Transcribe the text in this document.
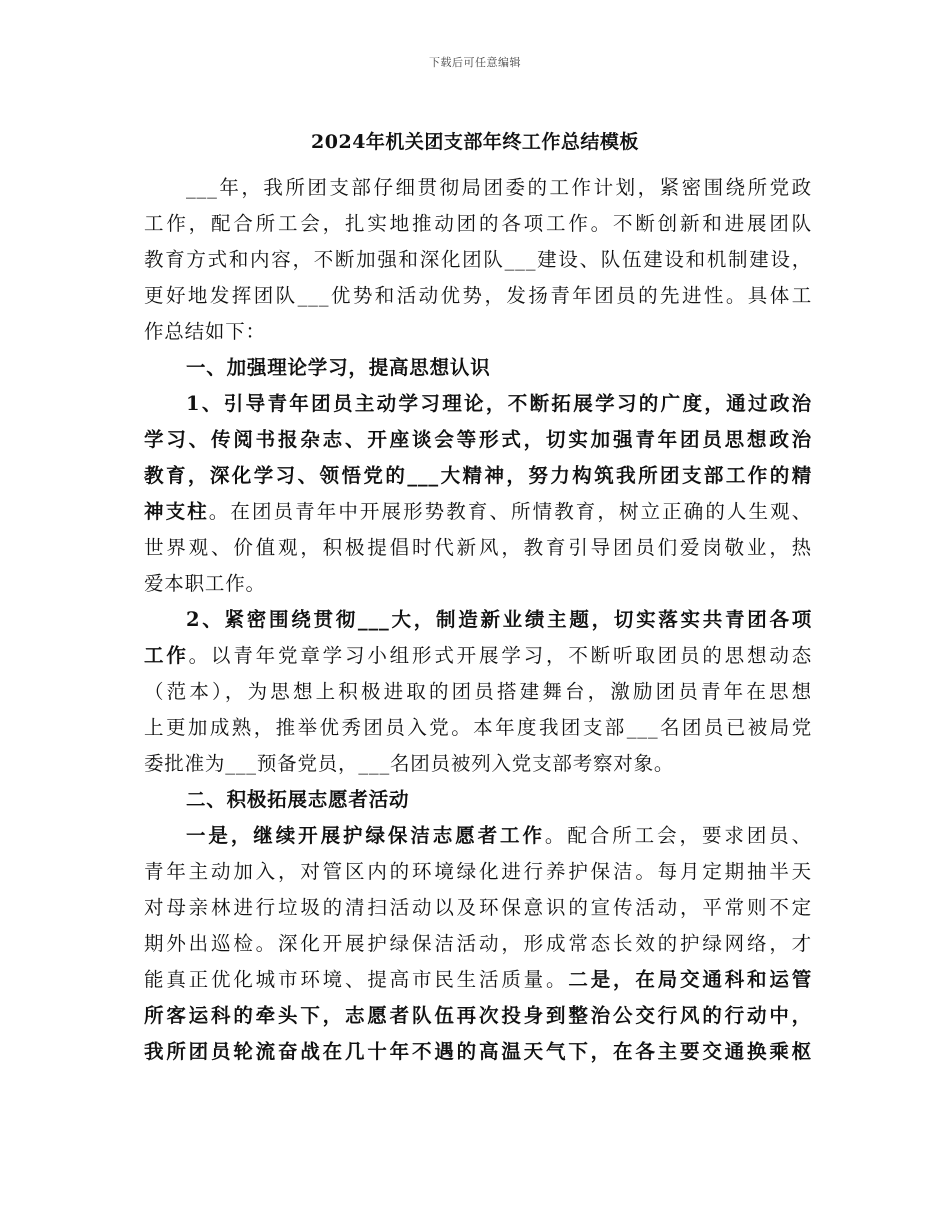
下载后可任意编辑
2024年机关团支部年终工作总结模板
___年，我所团支部仔细贯彻局团委的工作计划，紧密围绕所党政
工作，配合所工会，扎实地推动团的各项工作。不断创新和进展团队
教育方式和内容，不断加强和深化团队___建设、队伍建设和机制建设，
更好地发挥团队___优势和活动优势，发扬青年团员的先进性。具体工
作总结如下：
一、加强理论学习，提高思想认识
1、引导青年团员主动学习理论，不断拓展学习的广度，通过政治
学习、传阅书报杂志、开座谈会等形式，切实加强青年团员思想政治
教育，深化学习、领悟党的___大精神，努力构筑我所团支部工作的精
神支柱。在团员青年中开展形势教育、所情教育，树立正确的人生观、
世界观、价值观，积极提倡时代新风，教育引导团员们爱岗敬业，热
爱本职工作。
2、紧密围绕贯彻___大，制造新业绩主题，切实落实共青团各项
工作。以青年党章学习小组形式开展学习，不断听取团员的思想动态
（范本），为思想上积极进取的团员搭建舞台，激励团员青年在思想
上更加成熟，推举优秀团员入党。本年度我团支部___名团员已被局党
委批准为___预备党员，___名团员被列入党支部考察对象。
二、积极拓展志愿者活动
一是，继续开展护绿保洁志愿者工作。配合所工会，要求团员、
青年主动加入，对管区内的环境绿化进行养护保洁。每月定期抽半天
对母亲林进行垃圾的清扫活动以及环保意识的宣传活动，平常则不定
期外出巡检。深化开展护绿保洁活动，形成常态长效的护绿网络，才
能真正优化城市环境、提高市民生活质量。二是，在局交通科和运管
所客运科的牵头下，志愿者队伍再次投身到整治公交行风的行动中，
我所团员轮流奋战在几十年不遇的高温天气下，在各主要交通换乘枢
